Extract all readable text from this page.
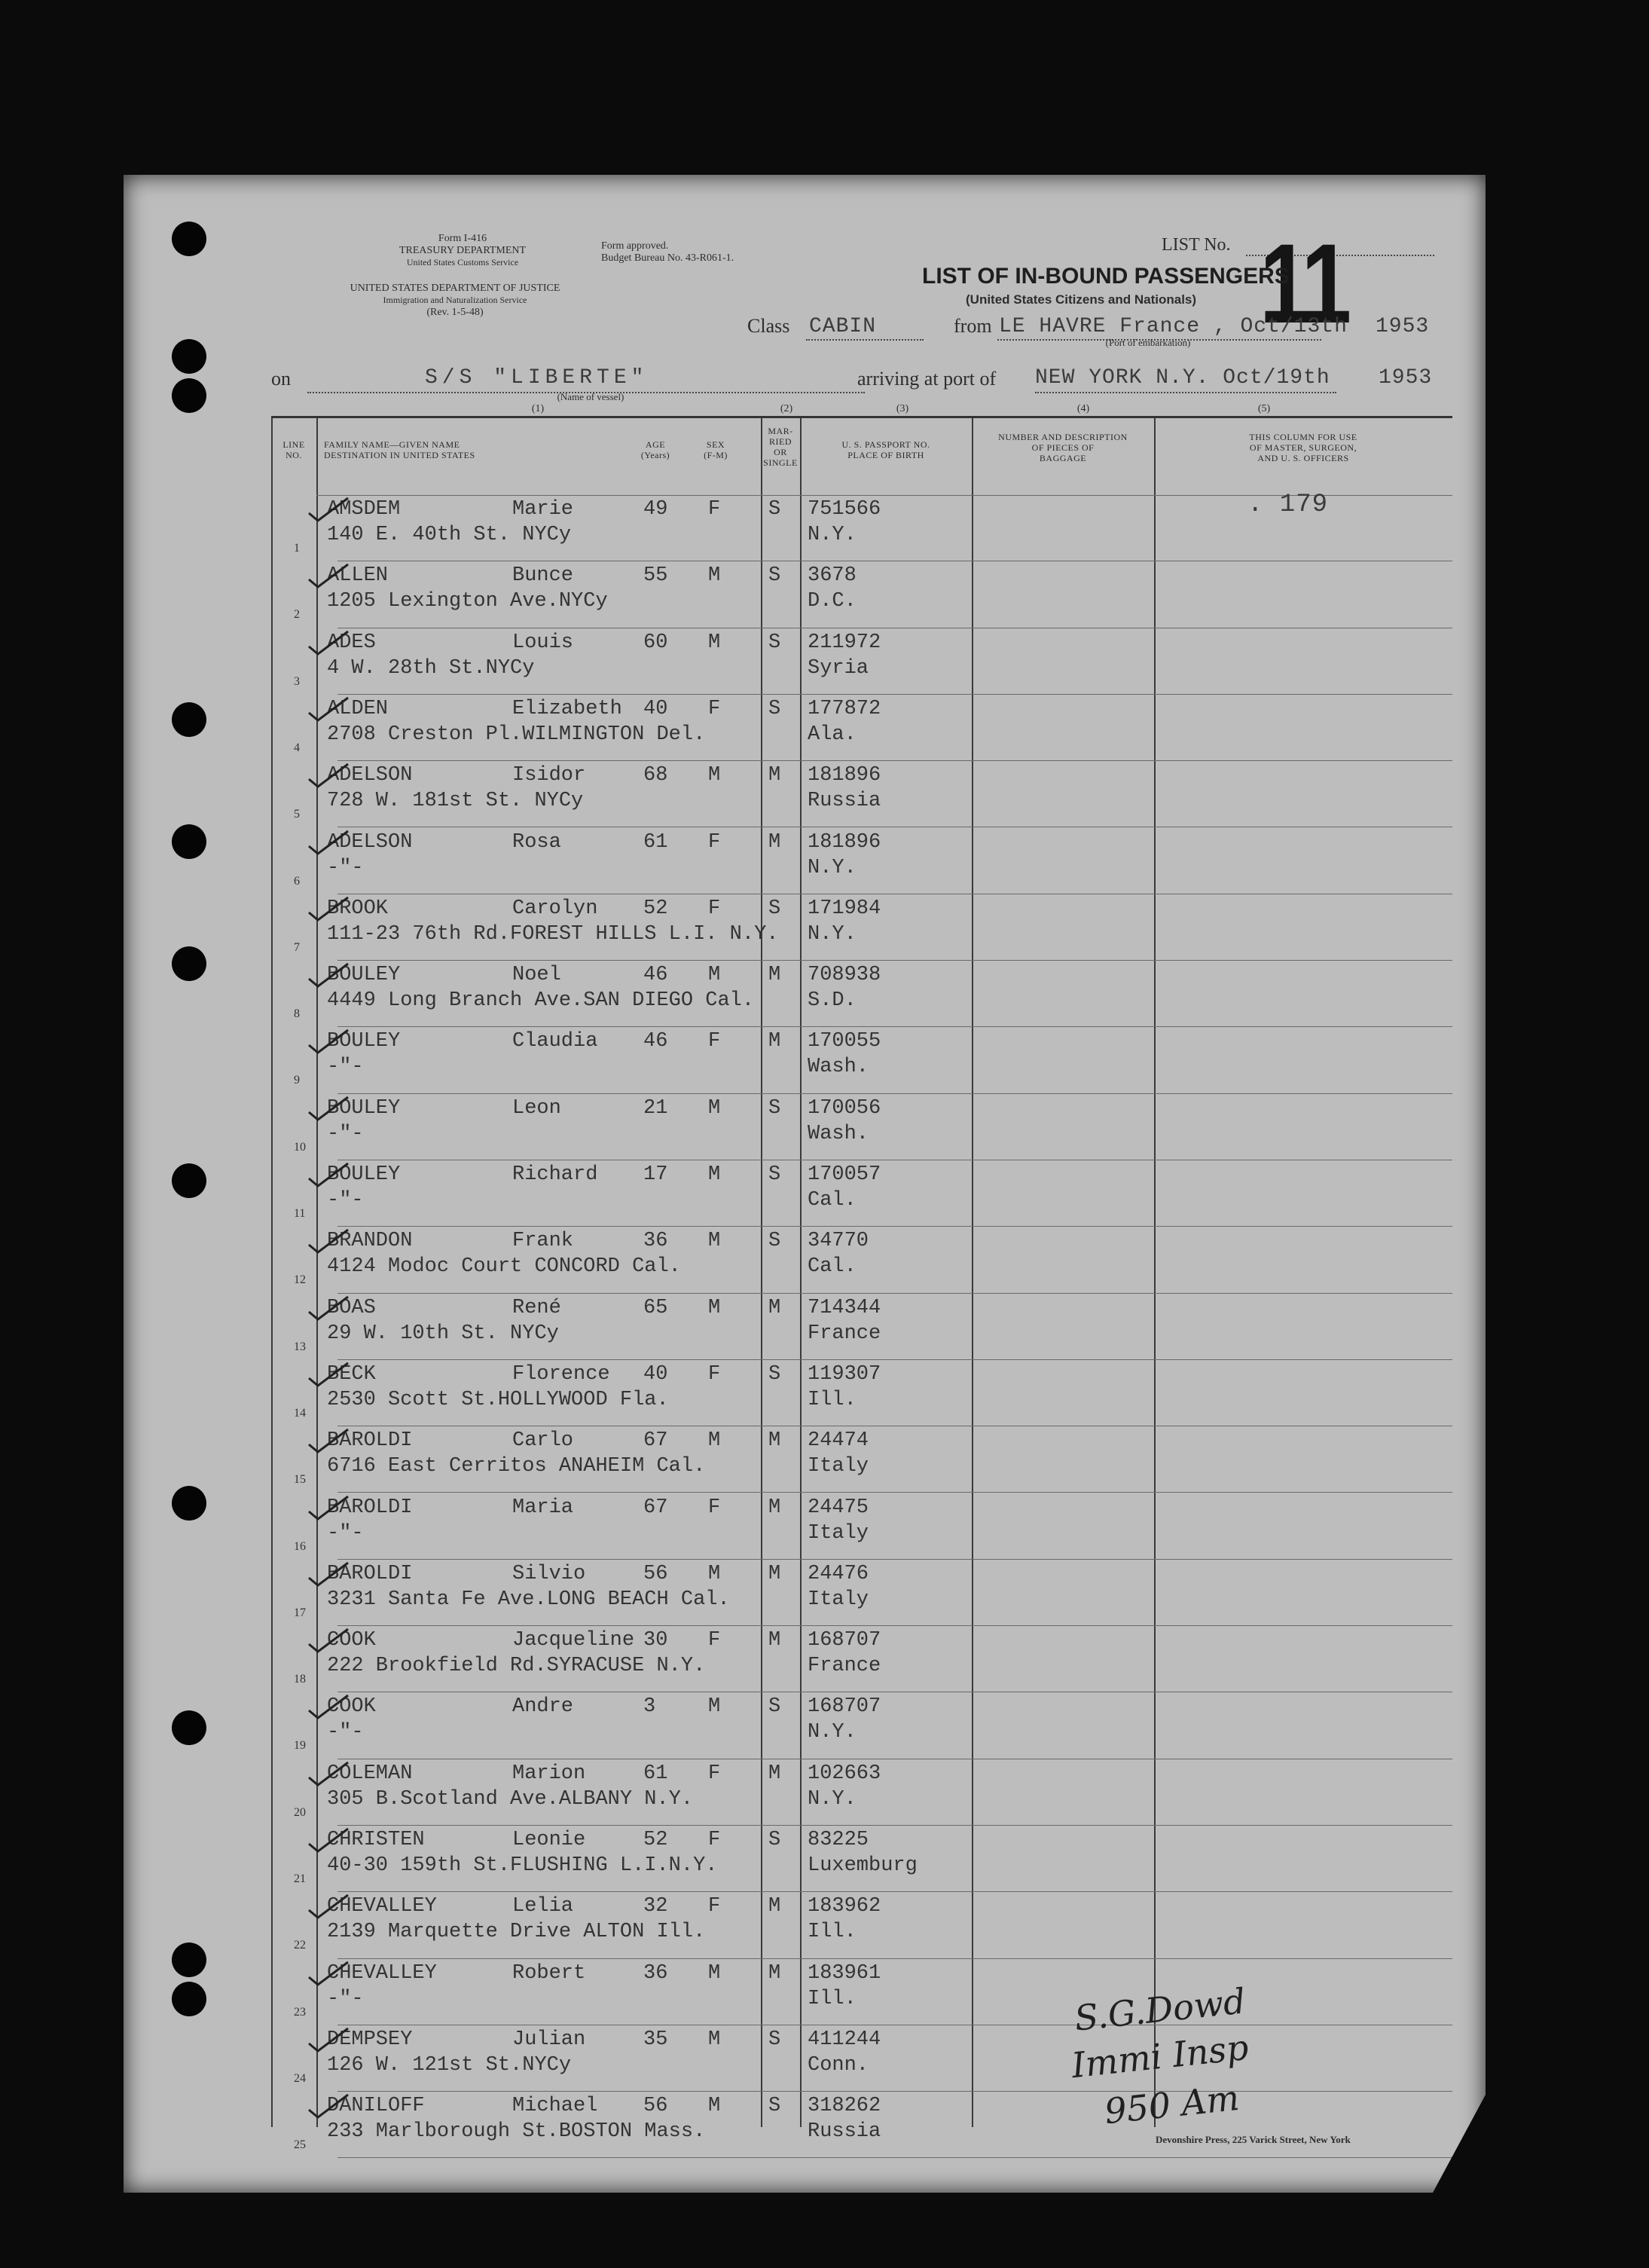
Form I-416
TREASURY DEPARTMENT
United States Customs Service
UNITED STATES DEPARTMENT OF JUSTICE
Immigration and Naturalization Service
(Rev. 1-5-48)
Form approved.
Budget Bureau No. 43-R061-1.
LIST No. 11
LIST OF IN-BOUND PASSENGERS
(United States Citizens and Nationals)
Class CABIN	from LE HAVRE France , Oct/13th 1953
(Port of embarkation)
on	S/S "LIBERTE"
(Name of vessel)
arriving at port of NEW YORK N.Y. Oct/19th 1953
(1)	(2)	(3)	(4)	(5)
LINE
NO.
FAMILY NAME—GIVEN NAME
DESTINATION IN UNITED STATES
AGE
(Years)
SEX
(F-M)
MAR-
RIED
OR
SINGLE
U. S. PASSPORT NO.
PLACE OF BIRTH
NUMBER AND DESCRIPTION
OF PIECES OF
BAGGAGE
THIS COLUMN FOR USE
OF MASTER, SURGEON,
AND U. S. OFFICERS
. 179
1
AMSDEM	Marie	49 F S 751566
140 E. 40th St. NYCy	N.Y.
2
ALLEN	Bunce	55 M S 3678
1205 Lexington Ave.NYCy	D.C.
3
ADES	Louis	60 M S 211972
4 W. 28th St.NYCy	Syria
4
ALDEN	Elizabeth 40 F S 177872
2708 Creston Pl.WILMINGTON Del.	Ala.
5
ADELSON	Isidor	68 M M 181896
728 W. 181st St. NYCy	Russia
6
ADELSON	Rosa	61 F M 181896
-"-	N.Y.
7
BROOK	Carolyn 52 F S 171984
111-23 76th Rd.FOREST HILLS L.I. N.Y. N.Y.
8
BOULEY	Noel	46 M M 708938
4449 Long Branch Ave.SAN DIEGO Cal.	S.D.
9
BOULEY	Claudia 46 F M 170055
-"-	Wash.
10
BOULEY	Leon	21 M S 170056
-"-	Wash.
11
BOULEY	Richard 17 M S 170057
-"-	Cal.
12
BRANDON	Frank	36 M S 34770
4124 Modoc Court CONCORD Cal.	Cal.
13
BOAS	René	65 M M 714344
29 W. 10th St. NYCy	France
14
BECK	Florence 40 F S 119307
2530 Scott St.HOLLYWOOD Fla.	Ill.
15
BAROLDI	Carlo	67 M M 24474
6716 East Cerritos ANAHEIM Cal.	Italy
16
BAROLDI	Maria	67 F M 24475
-"-	Italy
17
BAROLDI	Silvio	56 M M 24476
3231 Santa Fe Ave.LONG BEACH Cal.	Italy
18
COOK	Jacqueline 30 F M 168707
222 Brookfield Rd.SYRACUSE N.Y.	France
19
COOK	Andre	3	M S 168707
-"-	N.Y.
20
COLEMAN	Marion	61 F M 102663
305 B.Scotland Ave.ALBANY N.Y.	N.Y.
21
CHRISTEN	Leonie	52 F S 83225
40-30 159th St.FLUSHING L.I.N.Y.	Luxemburg
22
CHEVALLEY	Lelia	32 F M 183962
2139 Marquette Drive ALTON Ill.	Ill.
23
CHEVALLEY	Robert	36 M M 183961
-"-	Ill.
24
DEMPSEY	Julian	35 M S 411244
126 W. 121st St.NYCy	Conn.
25
DANILOFF	Michael 56 M S 318262
233 Marlborough St.BOSTON Mass.	Russia
S.G.Dowd
Immi Insp
950 Am
Devonshire Press, 225 Varick Street, New York
